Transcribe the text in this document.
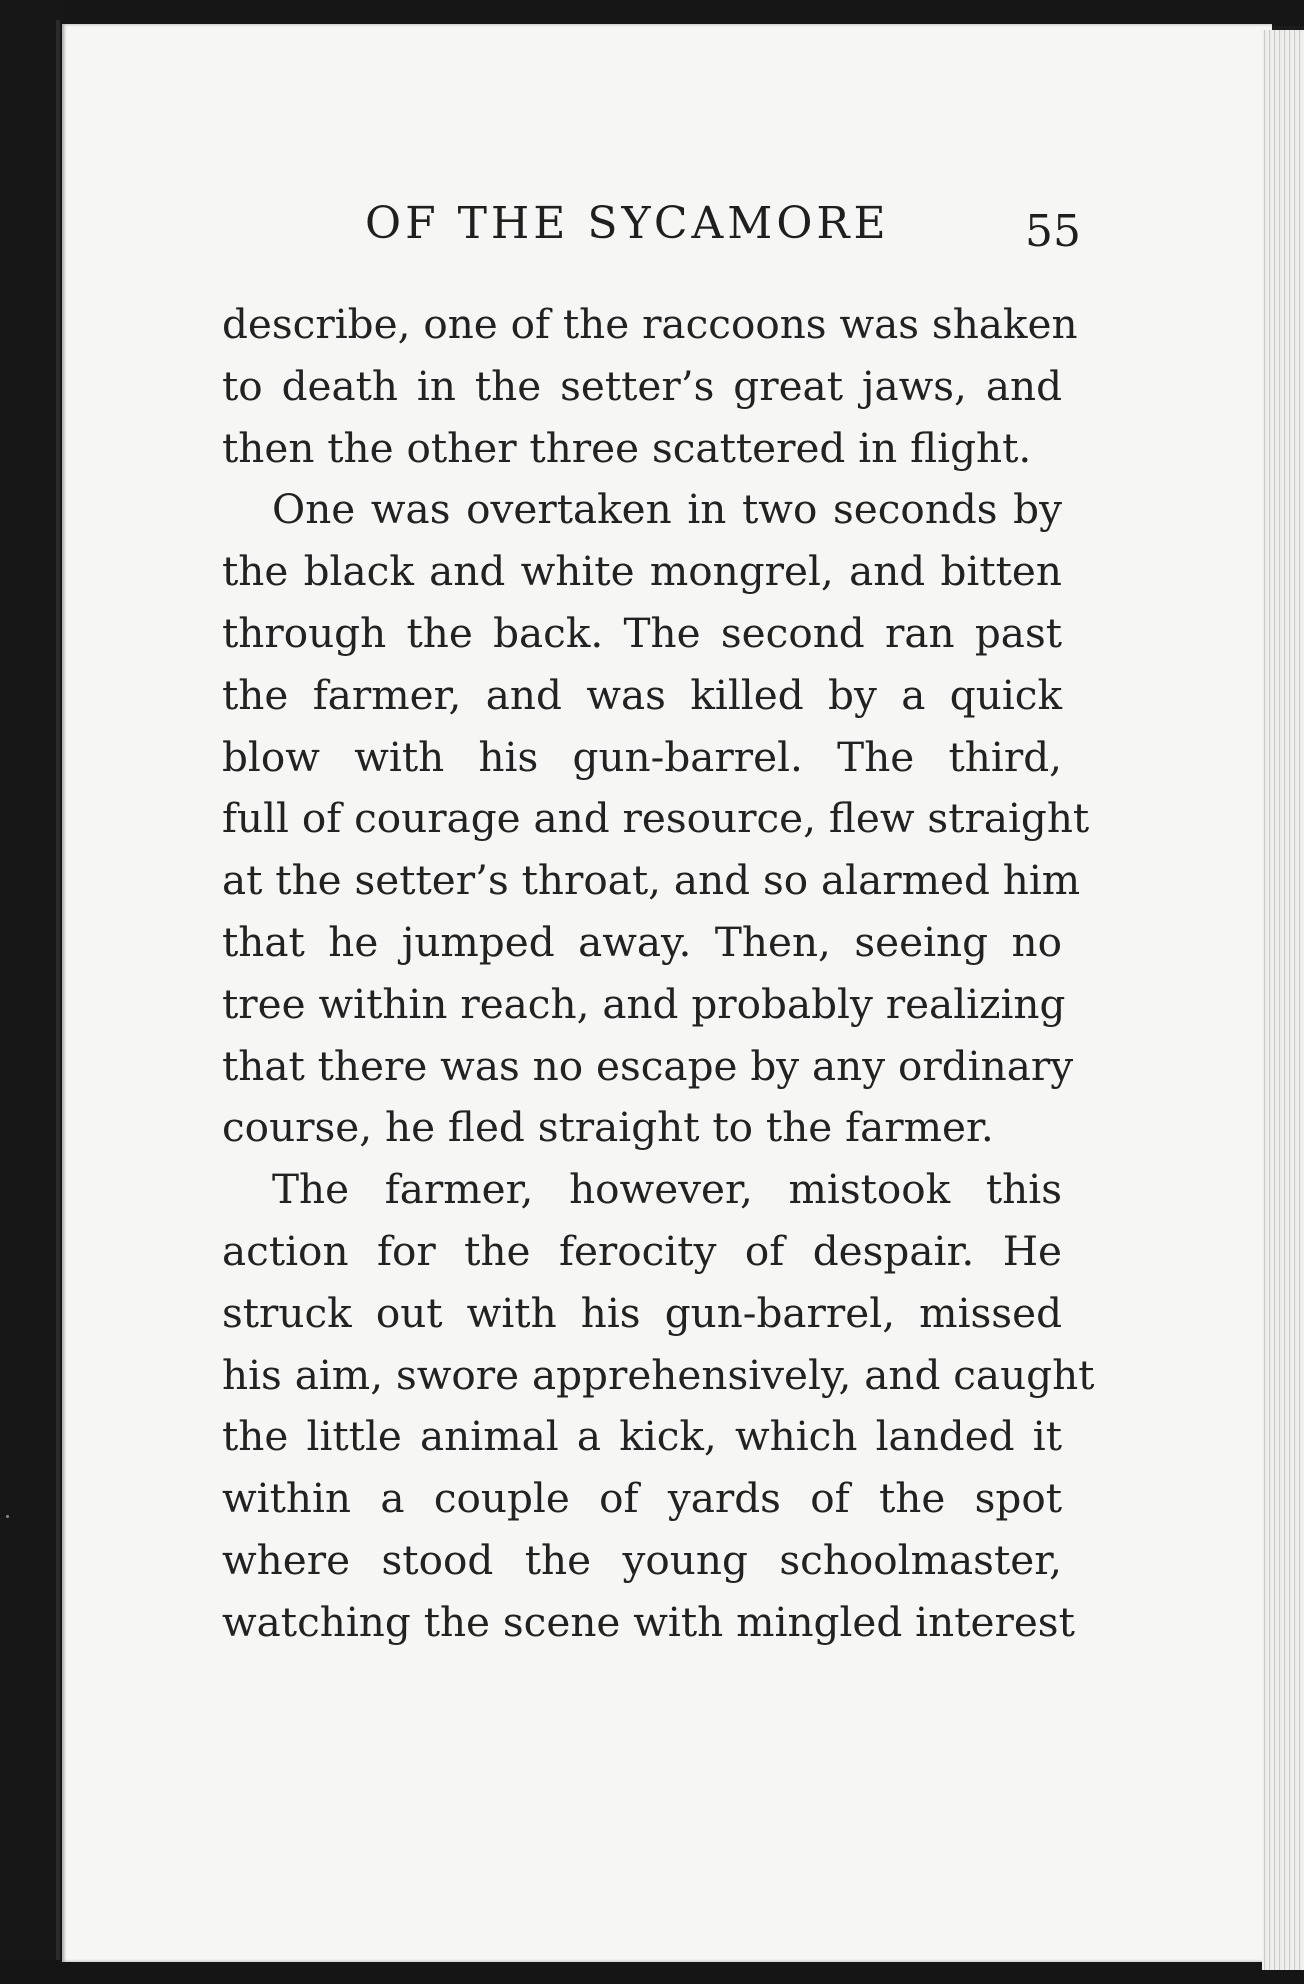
OF THE SYCAMORE	55
describe, one of the raccoons was shaken
to death in the setter’s great jaws, and
then the other three scattered in flight.
One was overtaken in two seconds by
the black and white mongrel, and bitten
through the back. The second ran past
the farmer, and was killed by a quick
blow with his gun-barrel. The third,
full of courage and resource, flew straight
at the setter’s throat, and so alarmed him
that he jumped away. Then, seeing no
tree within reach, and probably realizing
that there was no escape by any ordinary
course, he fled straight to the farmer.
The farmer, however, mistook this
action for the ferocity of despair. He
struck out with his gun-barrel, missed
his aim, swore apprehensively, and caught
the little animal a kick, which landed it
within a couple of yards of the spot
where stood the young schoolmaster,
watching the scene with mingled interest
